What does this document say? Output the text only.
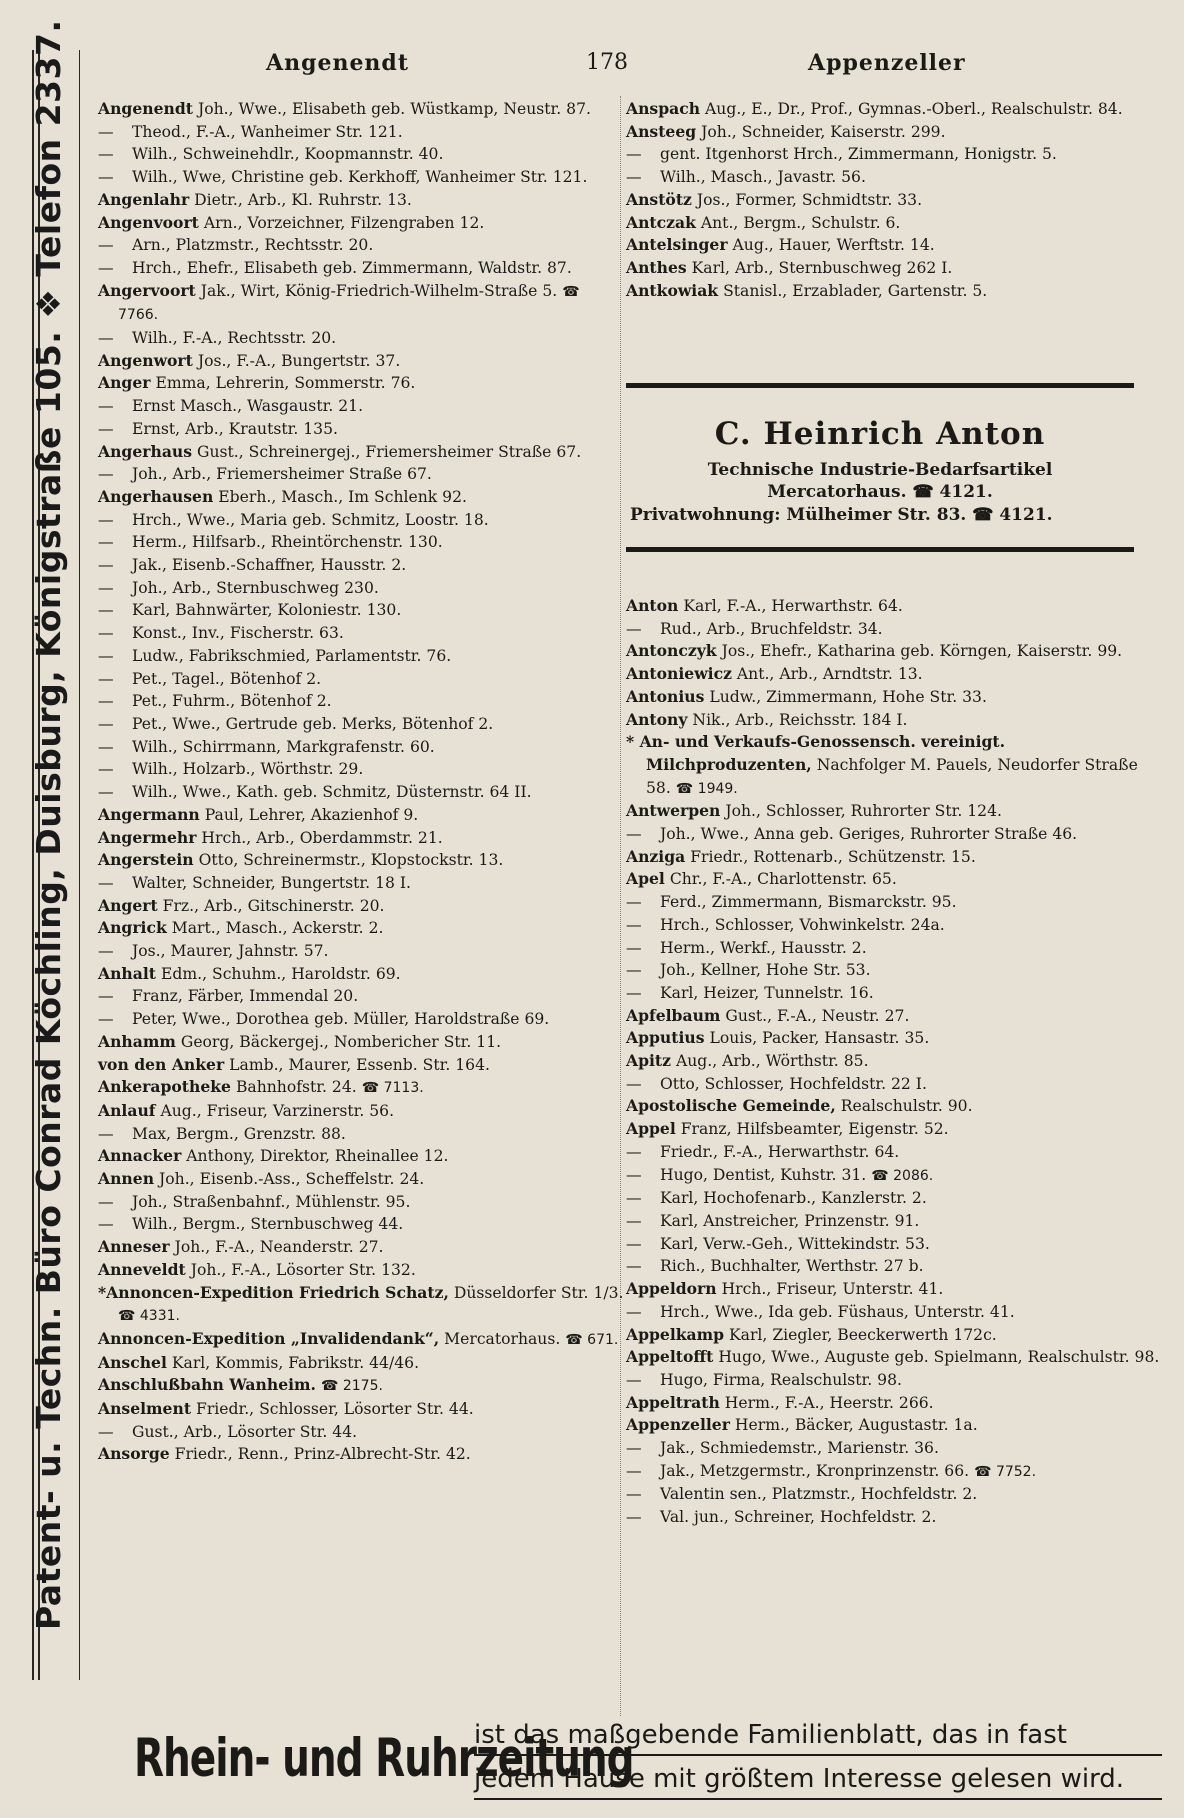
Patent- u. Techn. Büro Conrad Köchling, Duisburg, Königstraße 105. ❖ Telefon 2337.	Angenendt	178	Appenzeller
Angenendt Joh., Wwe., Elisabeth geb. Wüstkamp, Neustr. 87.
— Theod., F.-A., Wanheimer Str. 121.
— Wilh., Schweinehdlr., Koopmannstr. 40.
— Wilh., Wwe, Christine geb. Kerkhoff, Wanheimer Str. 121.
Angenlahr Dietr., Arb., Kl. Ruhrstr. 13.
Angenvoort Arn., Vorzeichner, Filzengraben 12.
— Arn., Platzmstr., Rechtsstr. 20.
— Hrch., Ehefr., Elisabeth geb. Zimmermann, Waldstr. 87.
Angervoort Jak., Wirt, König-Friedrich-Wilhelm-Straße 5. ☎ 7766.
— Wilh., F.-A., Rechtsstr. 20.
Angenwort Jos., F.-A., Bungertstr. 37.
Anger Emma, Lehrerin, Sommerstr. 76.
— Ernst Masch., Wasgaustr. 21.
— Ernst, Arb., Krautstr. 135.
Angerhaus Gust., Schreinergej., Friemersheimer Straße 67.
— Joh., Arb., Friemersheimer Straße 67.
Angerhausen Eberh., Masch., Im Schlenk 92.
— Hrch., Wwe., Maria geb. Schmitz, Loostr. 18.
— Herm., Hilfsarb., Rheintörchenstr. 130.
— Jak., Eisenb.-Schaffner, Hausstr. 2.
— Joh., Arb., Sternbuschweg 230.
— Karl, Bahnwärter, Koloniestr. 130.
— Konst., Inv., Fischerstr. 63.
— Ludw., Fabrikschmied, Parlamentstr. 76.
— Pet., Tagel., Bötenhof 2.
— Pet., Fuhrm., Bötenhof 2.
— Pet., Wwe., Gertrude geb. Merks, Bötenhof 2.
— Wilh., Schirrmann, Markgrafenstr. 60.
— Wilh., Holzarb., Wörthstr. 29.
— Wilh., Wwe., Kath. geb. Schmitz, Düsternstr. 64 II.
Angermann Paul, Lehrer, Akazienhof 9.
Angermehr Hrch., Arb., Oberdammstr. 21.
Angerstein Otto, Schreinermstr., Klopstockstr. 13.
— Walter, Schneider, Bungertstr. 18 I.
Angert Frz., Arb., Gitschinerstr. 20.
Angrick Mart., Masch., Ackerstr. 2.
— Jos., Maurer, Jahnstr. 57.
Anhalt Edm., Schuhm., Haroldstr. 69.
— Franz, Färber, Immendal 20.
— Peter, Wwe., Dorothea geb. Müller, Haroldstraße 69.
Anhamm Georg, Bäckergej., Nombericher Str. 11.
von den Anker Lamb., Maurer, Essenb. Str. 164.
Ankerapotheke Bahnhofstr. 24. ☎ 7113.
Anlauf Aug., Friseur, Varzinerstr. 56.
— Max, Bergm., Grenzstr. 88.
Annacker Anthony, Direktor, Rheinallee 12.
Annen Joh., Eisenb.-Ass., Scheffelstr. 24.
— Joh., Straßenbahnf., Mühlenstr. 95.
— Wilh., Bergm., Sternbuschweg 44.
Anneser Joh., F.-A., Neanderstr. 27.
Anneveldt Joh., F.-A., Lösorter Str. 132.
*Annoncen-Expedition Friedrich Schatz, Düsseldorfer Str. 1/3. ☎ 4331.
Annoncen-Expedition „Invalidendank“, Mercatorhaus. ☎ 671.
Anschel Karl, Kommis, Fabrikstr. 44/46.
Anschlußbahn Wanheim. ☎ 2175.
Anselment Friedr., Schlosser, Lösorter Str. 44.
— Gust., Arb., Lösorter Str. 44.
Ansorge Friedr., Renn., Prinz-Albrecht-Str. 42.
Anspach Aug., E., Dr., Prof., Gymnas.-Oberl., Realschulstr. 84.
Ansteeg Joh., Schneider, Kaiserstr. 299.
— gent. Itgenhorst Hrch., Zimmermann, Honigstr. 5.
— Wilh., Masch., Javastr. 56.
Anstötz Jos., Former, Schmidtstr. 33.
Antczak Ant., Bergm., Schulstr. 6.
Antelsinger Aug., Hauer, Werftstr. 14.
Anthes Karl, Arb., Sternbuschweg 262 I.
Antkowiak Stanisl., Erzablader, Gartenstr. 5.
C. Heinrich Anton
Technische Industrie-Bedarfsartikel
Mercatorhaus. ☎ 4121.
Privatwohnung: Mülheimer Str. 83. ☎ 4121.
Anton Karl, F.-A., Herwarthstr. 64.
— Rud., Arb., Bruchfeldstr. 34.
Antonczyk Jos., Ehefr., Katharina geb. Körngen, Kaiserstr. 99.
Antoniewicz Ant., Arb., Arndtstr. 13.
Antonius Ludw., Zimmermann, Hohe Str. 33.
Antony Nik., Arb., Reichsstr. 184 I.
* An- und Verkaufs-Genossensch. vereinigt. Milchproduzenten, Nachfolger M. Pauels, Neudorfer Straße 58. ☎ 1949.
Antwerpen Joh., Schlosser, Ruhrorter Str. 124.
— Joh., Wwe., Anna geb. Geriges, Ruhrorter Straße 46.
Anzigа Friedr., Rottenarb., Schützenstr. 15.
Apel Chr., F.-A., Charlottenstr. 65.
— Ferd., Zimmermann, Bismarckstr. 95.
— Hrch., Schlosser, Vohwinkelstr. 24a.
— Herm., Werkf., Hausstr. 2.
— Joh., Kellner, Hohe Str. 53.
— Karl, Heizer, Tunnelstr. 16.
Apfelbaum Gust., F.-A., Neustr. 27.
Apputius Louis, Packer, Hansastr. 35.
Apitz Aug., Arb., Wörthstr. 85.
— Otto, Schlosser, Hochfeldstr. 22 I.
Apostolische Gemeinde, Realschulstr. 90.
Appel Franz, Hilfsbeamter, Eigenstr. 52.
— Friedr., F.-A., Herwarthstr. 64.
— Hugo, Dentist, Kuhstr. 31. ☎ 2086.
— Karl, Hochofenarb., Kanzlerstr. 2.
— Karl, Anstreicher, Prinzenstr. 91.
— Karl, Verw.-Geh., Wittekindstr. 53.
— Rich., Buchhalter, Werthstr. 27 b.
Appeldorn Hrch., Friseur, Unterstr. 41.
— Hrch., Wwe., Ida geb. Füshaus, Unterstr. 41.
Appelkamp Karl, Ziegler, Beeckerwerth 172c.
Appeltofft Hugo, Wwe., Auguste geb. Spielmann, Realschulstr. 98.
— Hugo, Firma, Realschulstr. 98.
Appeltrath Herm., F.-A., Heerstr. 266.
Appenzeller Herm., Bäcker, Augustastr. 1a.
— Jak., Schmiedemstr., Marienstr. 36.
— Jak., Metzgermstr., Kronprinzenstr. 66. ☎ 7752.
— Valentin sen., Platzmstr., Hochfeldstr. 2.
— Val. jun., Schreiner, Hochfeldstr. 2.
Rhein- und Ruhrzeitung
ist das maßgebende Familienblatt, das in fast
jedem Hause mit größtem Interesse gelesen wird.
